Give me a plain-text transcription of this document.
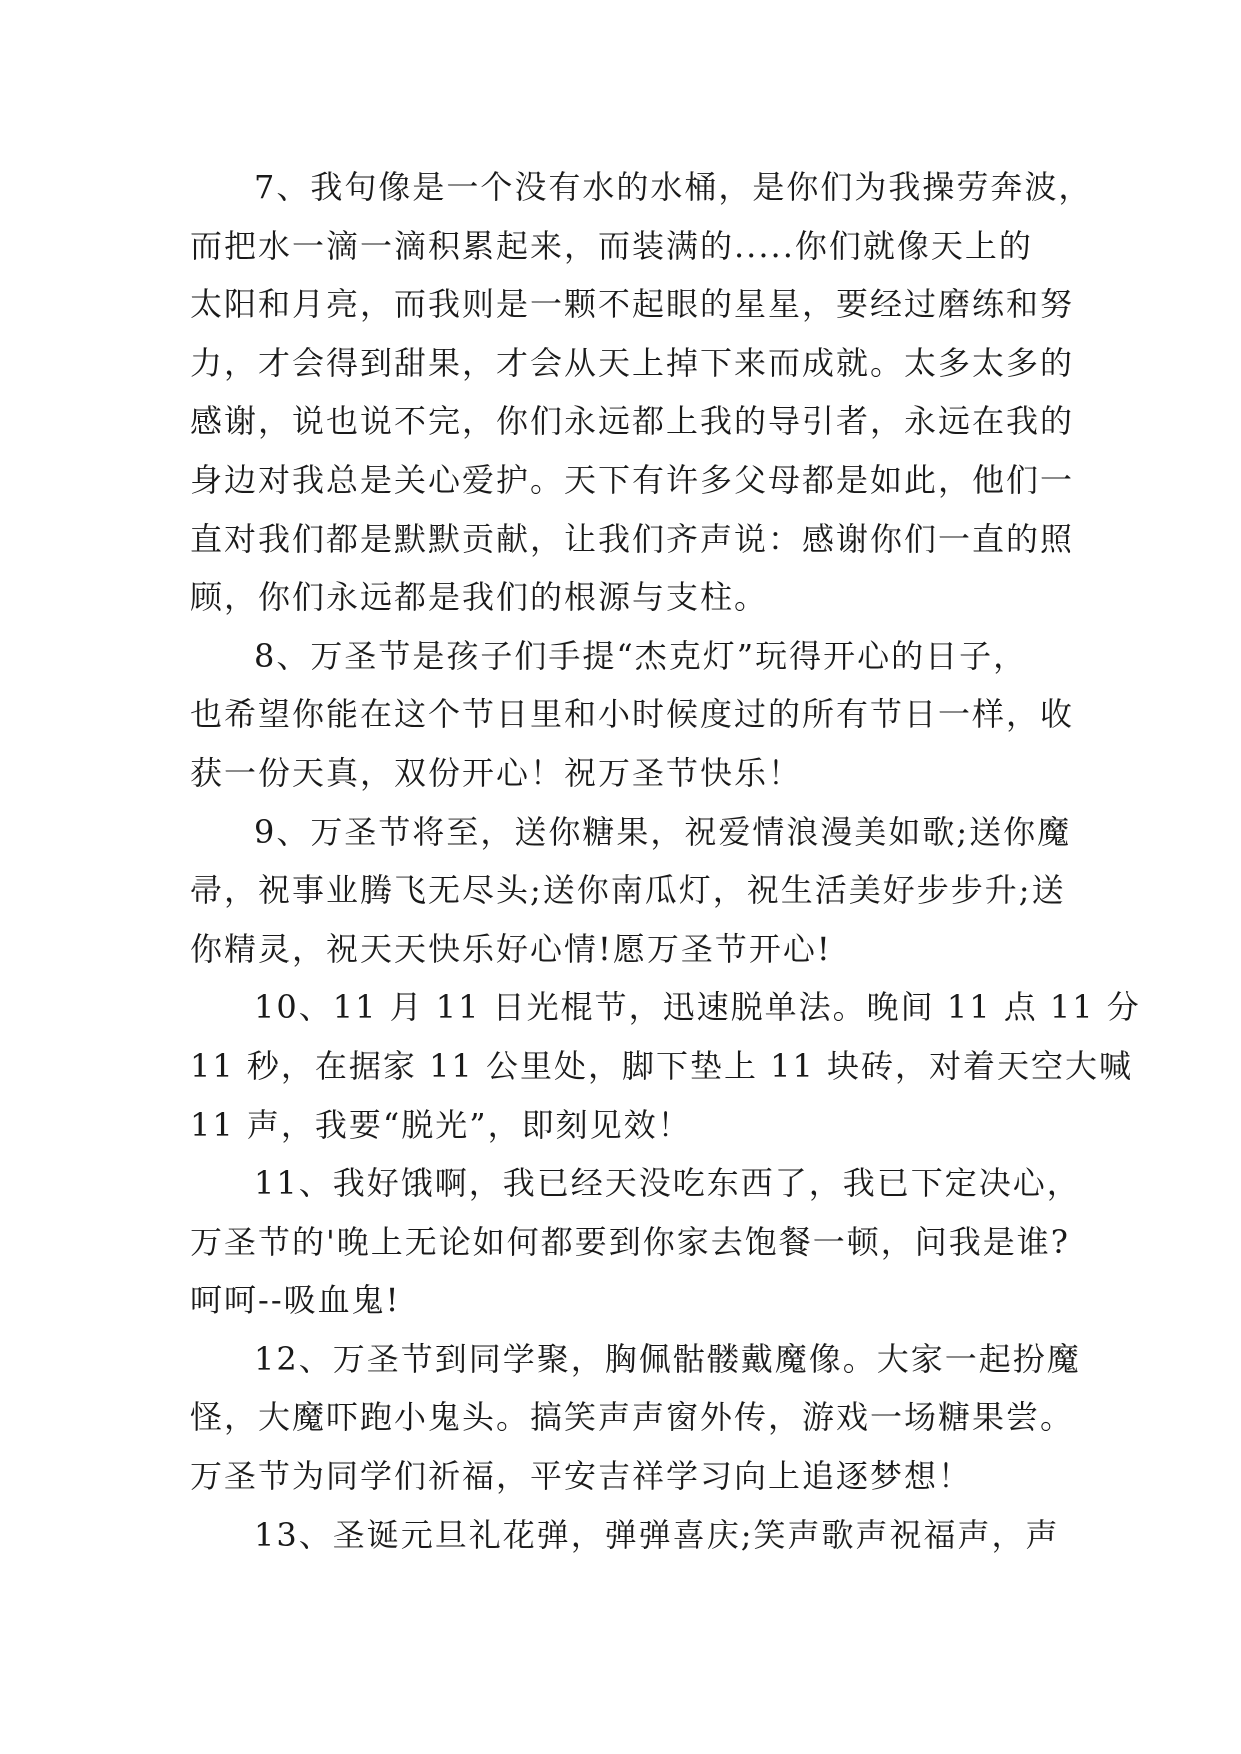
7、我句像是一个没有水的水桶，是你们为我操劳奔波，
而把水一滴一滴积累起来，而装满的.....你们就像天上的
太阳和月亮，而我则是一颗不起眼的星星，要经过磨练和努
力，才会得到甜果，才会从天上掉下来而成就。太多太多的
感谢，说也说不完，你们永远都上我的导引者，永远在我的
身边对我总是关心爱护。天下有许多父母都是如此，他们一
直对我们都是默默贡献，让我们齐声说：感谢你们一直的照
顾，你们永远都是我们的根源与支柱。

8、万圣节是孩子们手提“杰克灯”玩得开心的日子，
也希望你能在这个节日里和小时候度过的所有节日一样，收
获一份天真，双份开心！祝万圣节快乐！

9、万圣节将至，送你糖果，祝爱情浪漫美如歌;送你魔
帚，祝事业腾飞无尽头;送你南瓜灯，祝生活美好步步升;送
你精灵，祝天天快乐好心情!愿万圣节开心!

10、11 月 11 日光棍节，迅速脱单法。晚间 11 点 11 分
11 秒，在据家 11 公里处，脚下垫上 11 块砖，对着天空大喊
11 声，我要“脱光”，即刻见效！

11、我好饿啊，我已经天没吃东西了，我已下定决心，
万圣节的'晚上无论如何都要到你家去饱餐一顿，问我是谁?
呵呵--吸血鬼!

12、万圣节到同学聚，胸佩骷髅戴魔像。大家一起扮魔
怪，大魔吓跑小鬼头。搞笑声声窗外传，游戏一场糖果尝。
万圣节为同学们祈福，平安吉祥学习向上追逐梦想！

13、圣诞元旦礼花弹，弹弹喜庆;笑声歌声祝福声，声
